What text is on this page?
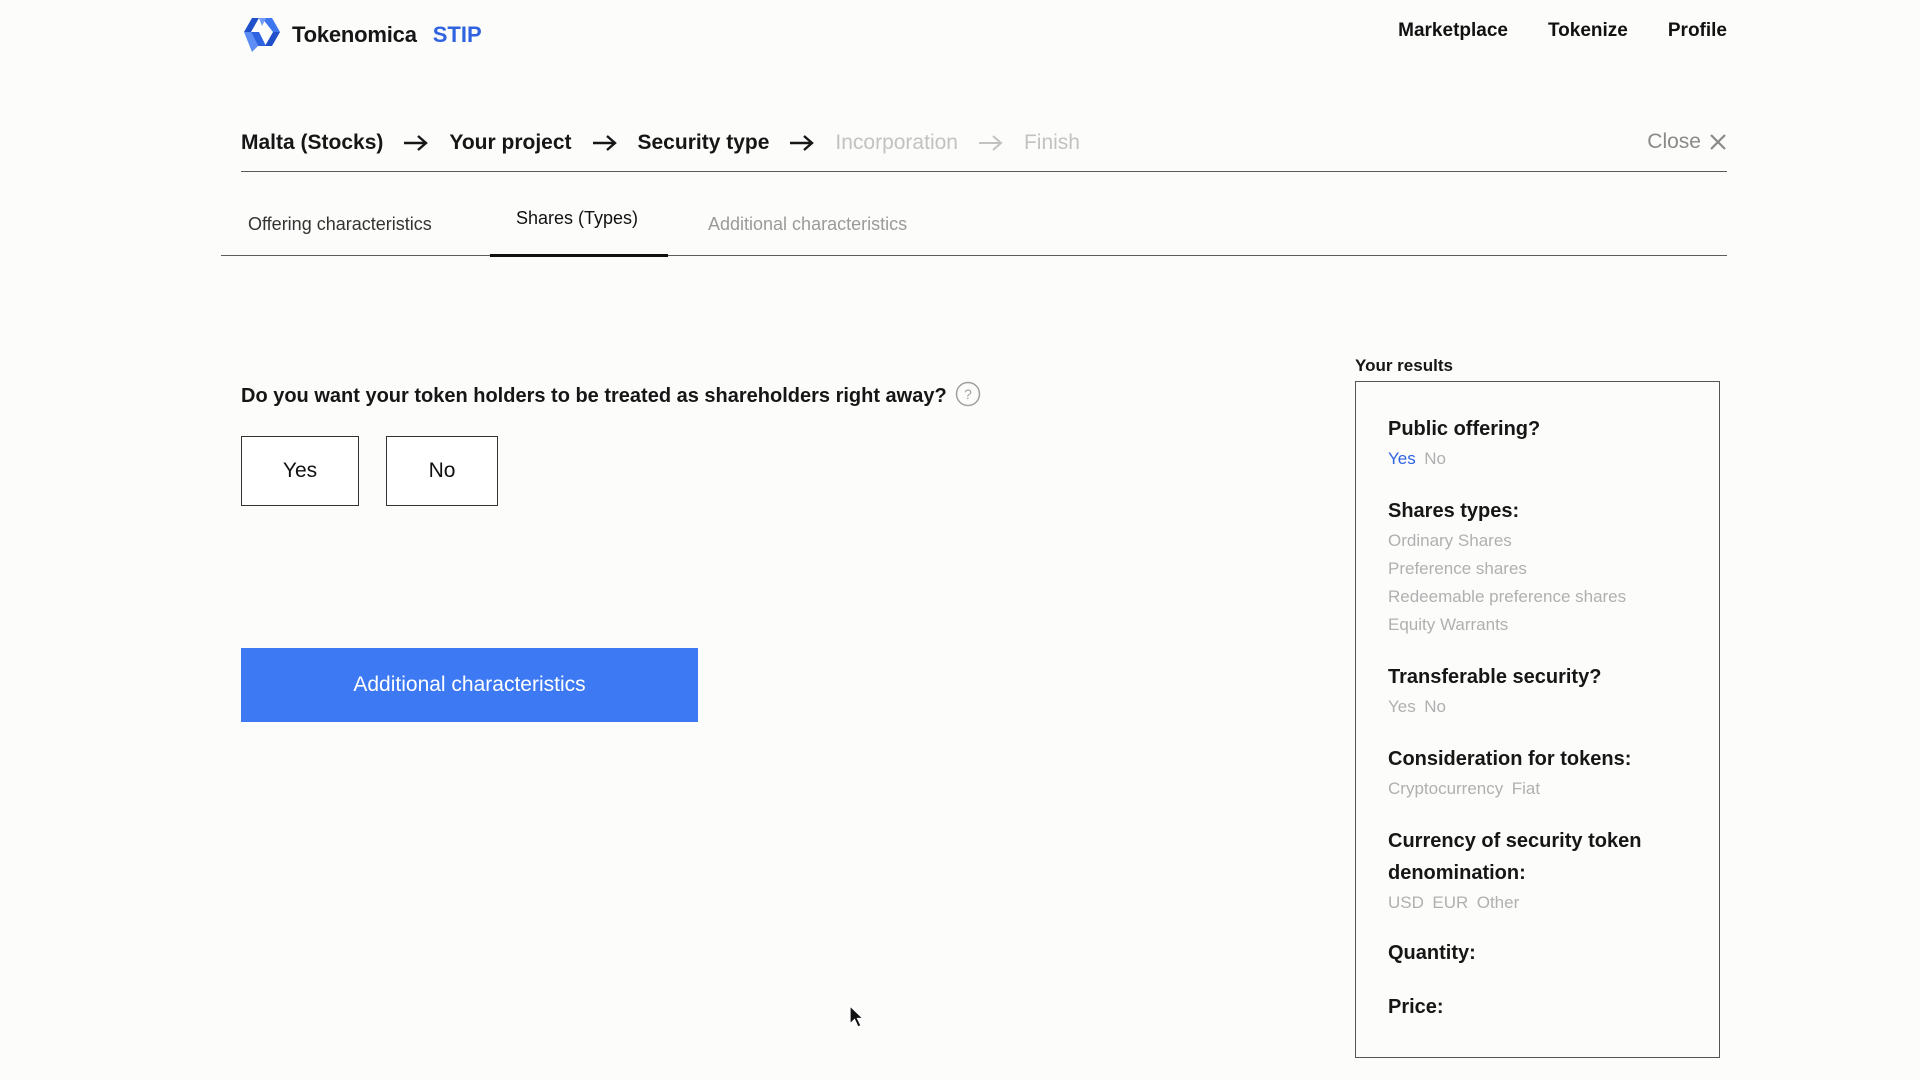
Tokenomica STIP	Marketplace Tokenize Profile
Malta (Stocks)	Your project	Security type	Incorporation	Finish	Close
Offering characteristics	Shares (Types)	Additional characteristics
Do you want your token holders to be treated as shareholders right away? ?
Yes	No
Additional characteristics
Your results
Public offering?
Yes No
Shares types:
Ordinary Shares
Preference shares
Redeemable preference shares
Equity Warrants
Transferable security?
Yes No
Consideration for tokens:
Cryptocurrency Fiat
Currency of security token denomination:
USD EUR Other
Quantity:
Price:
